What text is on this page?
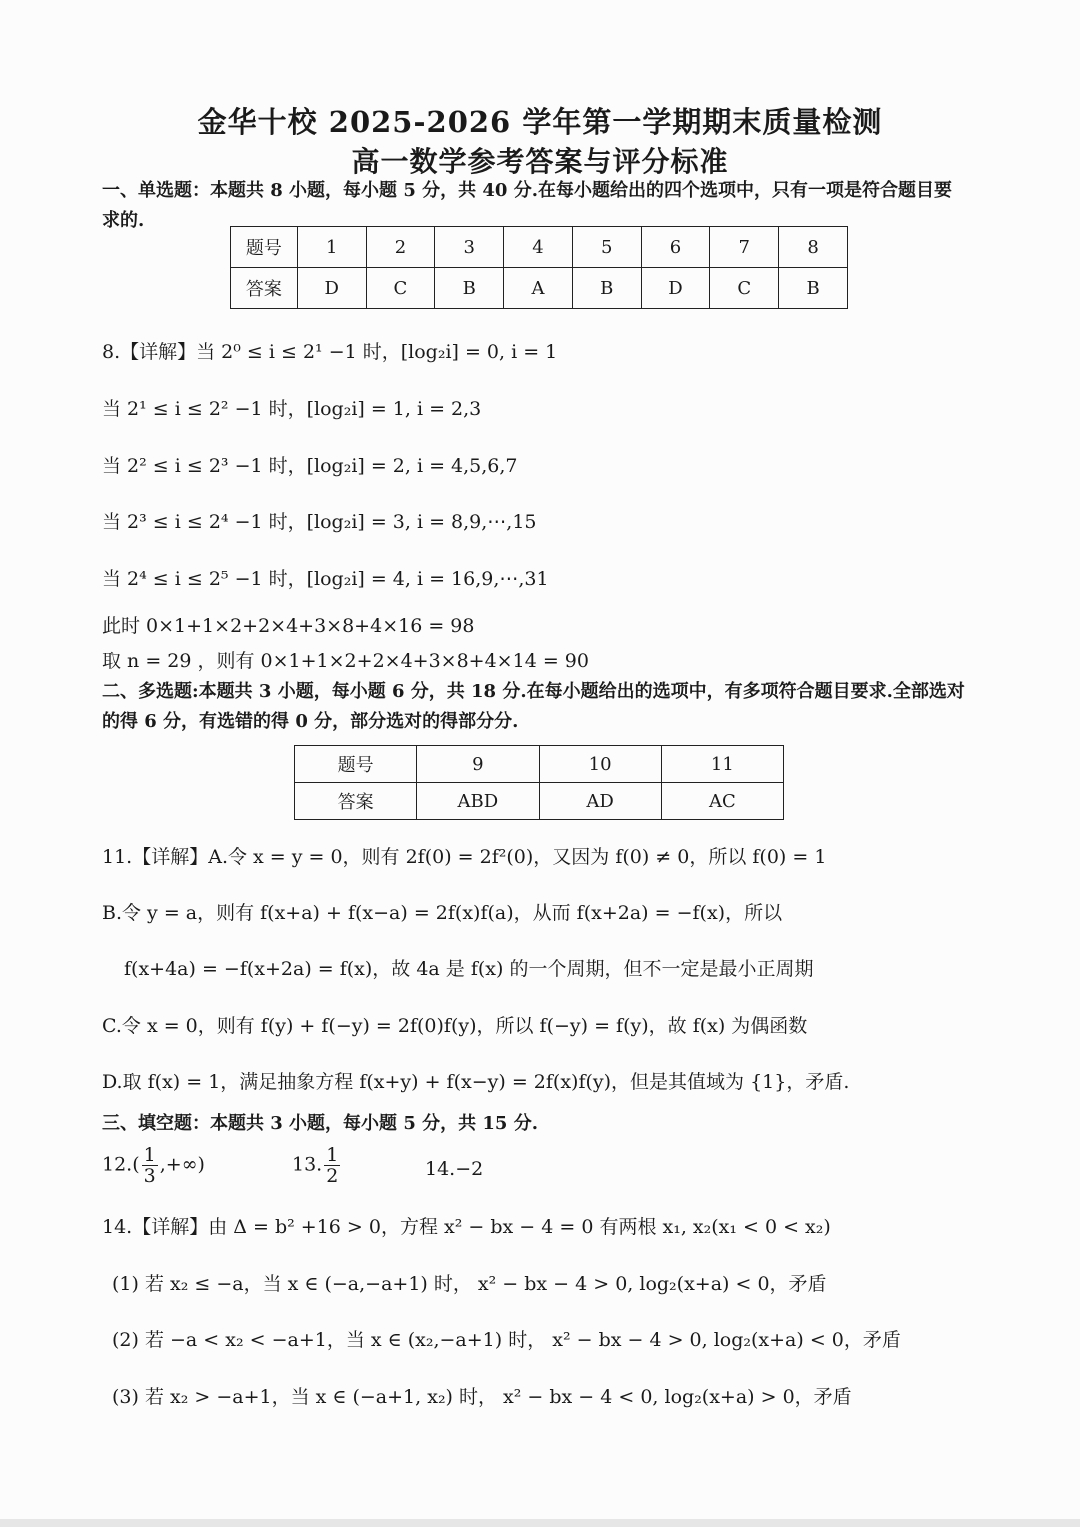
金华十校 2025-2026 学年第一学期期末质量检测
高一数学参考答案与评分标准
一、单选题：本题共 8 小题，每小题 5 分，共 40 分.在每小题给出的四个选项中，只有一项是符合题目要
求的.
题号	1	2	3	4	5	6	7	8
答案	D	C	B	A	B	D	C	B
8.【详解】当 2⁰ ≤ i ≤ 2¹ −1 时，[log₂i] = 0, i = 1
当 2¹ ≤ i ≤ 2² −1 时，[log₂i] = 1, i = 2,3
当 2² ≤ i ≤ 2³ −1 时，[log₂i] = 2, i = 4,5,6,7
当 2³ ≤ i ≤ 2⁴ −1 时，[log₂i] = 3, i = 8,9,⋯,15
当 2⁴ ≤ i ≤ 2⁵ −1 时，[log₂i] = 4, i = 16,9,⋯,31
此时 0×1+1×2+2×4+3×8+4×16 = 98
取 n = 29 ，则有 0×1+1×2+2×4+3×8+4×14 = 90
二、多选题:本题共 3 小题，每小题 6 分，共 18 分.在每小题给出的选项中，有多项符合题目要求.全部选对
的得 6 分，有选错的得 0 分，部分选对的得部分分.
题号	9	10	11
答案	ABD	AD	AC
11.【详解】A.令 x = y = 0，则有 2f(0) = 2f²(0)，又因为 f(0) ≠ 0，所以 f(0) = 1
B.令 y = a，则有 f(x+a) + f(x−a) = 2f(x)f(a)，从而 f(x+2a) = −f(x)，所以
f(x+4a) = −f(x+2a) = f(x)，故 4a 是 f(x) 的一个周期，但不一定是最小正周期
C.令 x = 0，则有 f(y) + f(−y) = 2f(0)f(y)，所以 f(−y) = f(y)，故 f(x) 为偶函数
D.取 f(x) = 1，满足抽象方程 f(x+y) + f(x−y) = 2f(x)f(y)，但是其值域为 {1}，矛盾.
三、填空题：本题共 3 小题，每小题 5 分，共 15 分.
$12.( \frac{1}{3}$ ,+∞)	13. $\frac{1}{2}$	14.−2
14.【详解】由 Δ = b² +16 > 0，方程 x² − bx − 4 = 0 有两根 x₁, x₂(x₁ < 0 < x₂)
(1) 若 x₂ ≤ −a，当 x ∈ (−a,−a+1) 时， x² − bx − 4 > 0, log₂(x+a) < 0，矛盾
(2) 若 −a < x₂ < −a+1，当 x ∈ (x₂,−a+1) 时， x² − bx − 4 > 0, log₂(x+a) < 0，矛盾
(3) 若 x₂ > −a+1，当 x ∈ (−a+1, x₂) 时， x² − bx − 4 < 0, log₂(x+a) > 0，矛盾
